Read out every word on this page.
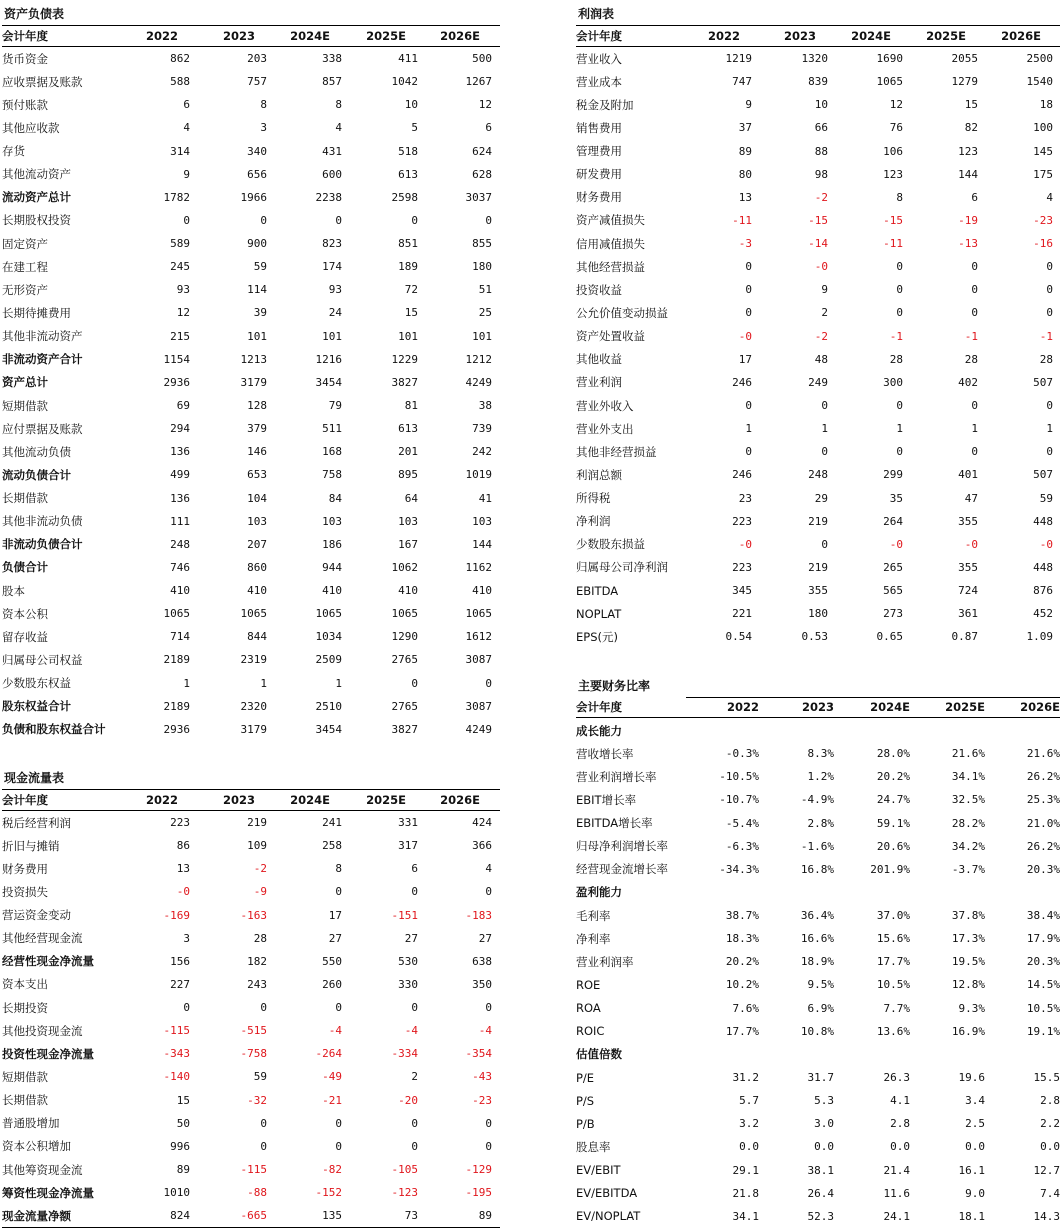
资产负债表	利润表
主要财务比率
现金流量表
会计年度	2022	2023	2024E	2025E	2026E
货币资金	862	203	338	411	500
应收票据及账款	588	757	857	1042	1267
预付账款	6	8	8	10	12
其他应收款	4	3	4	5	6
存货	314	340	431	518	624
其他流动资产	9	656	600	613	628
流动资产总计	1782	1966	2238	2598	3037
长期股权投资	0	0	0	0	0
固定资产	589	900	823	851	855
在建工程	245	59	174	189	180
无形资产	93	114	93	72	51
长期待摊费用	12	39	24	15	25
其他非流动资产	215	101	101	101	101
非流动资产合计	1154	1213	1216	1229	1212
资产总计	2936	3179	3454	3827	4249
短期借款	69	128	79	81	38
应付票据及账款	294	379	511	613	739
其他流动负债	136	146	168	201	242
流动负债合计	499	653	758	895	1019
长期借款	136	104	84	64	41
其他非流动负债	111	103	103	103	103
非流动负债合计	248	207	186	167	144
负债合计	746	860	944	1062	1162
股本	410	410	410	410	410
资本公积	1065	1065	1065	1065	1065
留存收益	714	844	1034	1290	1612
归属母公司权益	2189	2319	2509	2765	3087
少数股东权益	1	1	1	0	0
股东权益合计	2189	2320	2510	2765	3087
负债和股东权益合计	2936	3179	3454	3827	4249
会计年度	2022	2023	2024E	2025E	2026E
营业收入	1219	1320	1690	2055	2500
营业成本	747	839	1065	1279	1540
税金及附加	9	10	12	15	18
销售费用	37	66	76	82	100
管理费用	89	88	106	123	145
研发费用	80	98	123	144	175
财务费用	13	-2	8	6	4
资产减值损失	-11	-15	-15	-19	-23
信用减值损失	-3	-14	-11	-13	-16
其他经营损益	0	-0	0	0	0
投资收益	0	9	0	0	0
公允价值变动损益	0	2	0	0	0
资产处置收益	-0	-2	-1	-1	-1
其他收益	17	48	28	28	28
营业利润	246	249	300	402	507
营业外收入	0	0	0	0	0
营业外支出	1	1	1	1	1
其他非经营损益	0	0	0	0	0
利润总额	246	248	299	401	507
所得税	23	29	35	47	59
净利润	223	219	264	355	448
少数股东损益	-0	0	-0	-0	-0
归属母公司净利润	223	219	265	355	448
EBITDA	345	355	565	724	876
NOPLAT	221	180	273	361	452
EPS(元)	0.54	0.53	0.65	0.87	1.09
会计年度	2022	2023	2024E	2025E	2026E
成长能力
营收增长率	-0.3%	8.3%	28.0%	21.6%	21.6%
营业利润增长率	-10.5%	1.2%	20.2%	34.1%	26.2%
EBIT增长率	-10.7%	-4.9%	24.7%	32.5%	25.3%
EBITDA增长率	-5.4%	2.8%	59.1%	28.2%	21.0%
归母净利润增长率	-6.3%	-1.6%	20.6%	34.2%	26.2%
经营现金流增长率	-34.3%	16.8%	201.9%	-3.7%	20.3%
盈利能力
毛利率	38.7%	36.4%	37.0%	37.8%	38.4%
净利率	18.3%	16.6%	15.6%	17.3%	17.9%
营业利润率	20.2%	18.9%	17.7%	19.5%	20.3%
ROE	10.2%	9.5%	10.5%	12.8%	14.5%
ROA	7.6%	6.9%	7.7%	9.3%	10.5%
ROIC	17.7%	10.8%	13.6%	16.9%	19.1%
估值倍数
P/E	31.2	31.7	26.3	19.6	15.5
P/S	5.7	5.3	4.1	3.4	2.8
P/B	3.2	3.0	2.8	2.5	2.2
股息率	0.0	0.0	0.0	0.0	0.0
EV/EBIT	29.1	38.1	21.4	16.1	12.7
EV/EBITDA	21.8	26.4	11.6	9.0	7.4
EV/NOPLAT	34.1	52.3	24.1	18.1	14.3
会计年度	2022	2023	2024E	2025E	2026E
税后经营利润	223	219	241	331	424
折旧与摊销	86	109	258	317	366
财务费用	13	-2	8	6	4
投资损失	-0	-9	0	0	0
营运资金变动	-169	-163	17	-151	-183
其他经营现金流	3	28	27	27	27
经营性现金净流量	156	182	550	530	638
资本支出	227	243	260	330	350
长期投资	0	0	0	0	0
其他投资现金流	-115	-515	-4	-4	-4
投资性现金净流量	-343	-758	-264	-334	-354
短期借款	-140	59	-49	2	-43
长期借款	15	-32	-21	-20	-23
普通股增加	50	0	0	0	0
资本公积增加	996	0	0	0	0
其他筹资现金流	89	-115	-82	-105	-129
筹资性现金净流量	1010	-88	-152	-123	-195
现金流量净额	824	-665	135	73	89
